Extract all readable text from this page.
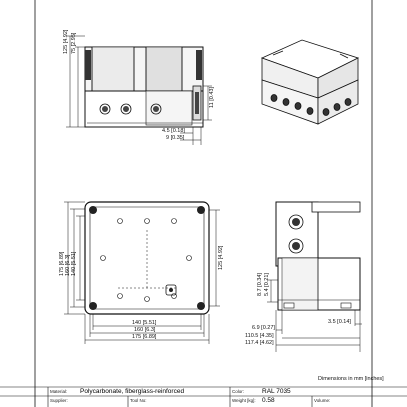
125 [4.92] 75 [2.95]
11 [0.43]
4.5 [0.18]
9 [0.35]
175 [6.89] 160 [6.3] 140 [5.51]	125 [4.92]
140 [5.51]
160 [6.3]
175 [6.89]
8.7 [0.34] 5.4 [0.21]
6.9 [0.27]
110.5 [4.35]
117.4 [4.62]
3.5 [0.14]
Dimensions in mm [inches]
Material: Polycarbonate, fiberglass-reinforced	Color:	RAL 7035
Supplier:	Tool No:	Weight [kg]: 0.58	Volume:
